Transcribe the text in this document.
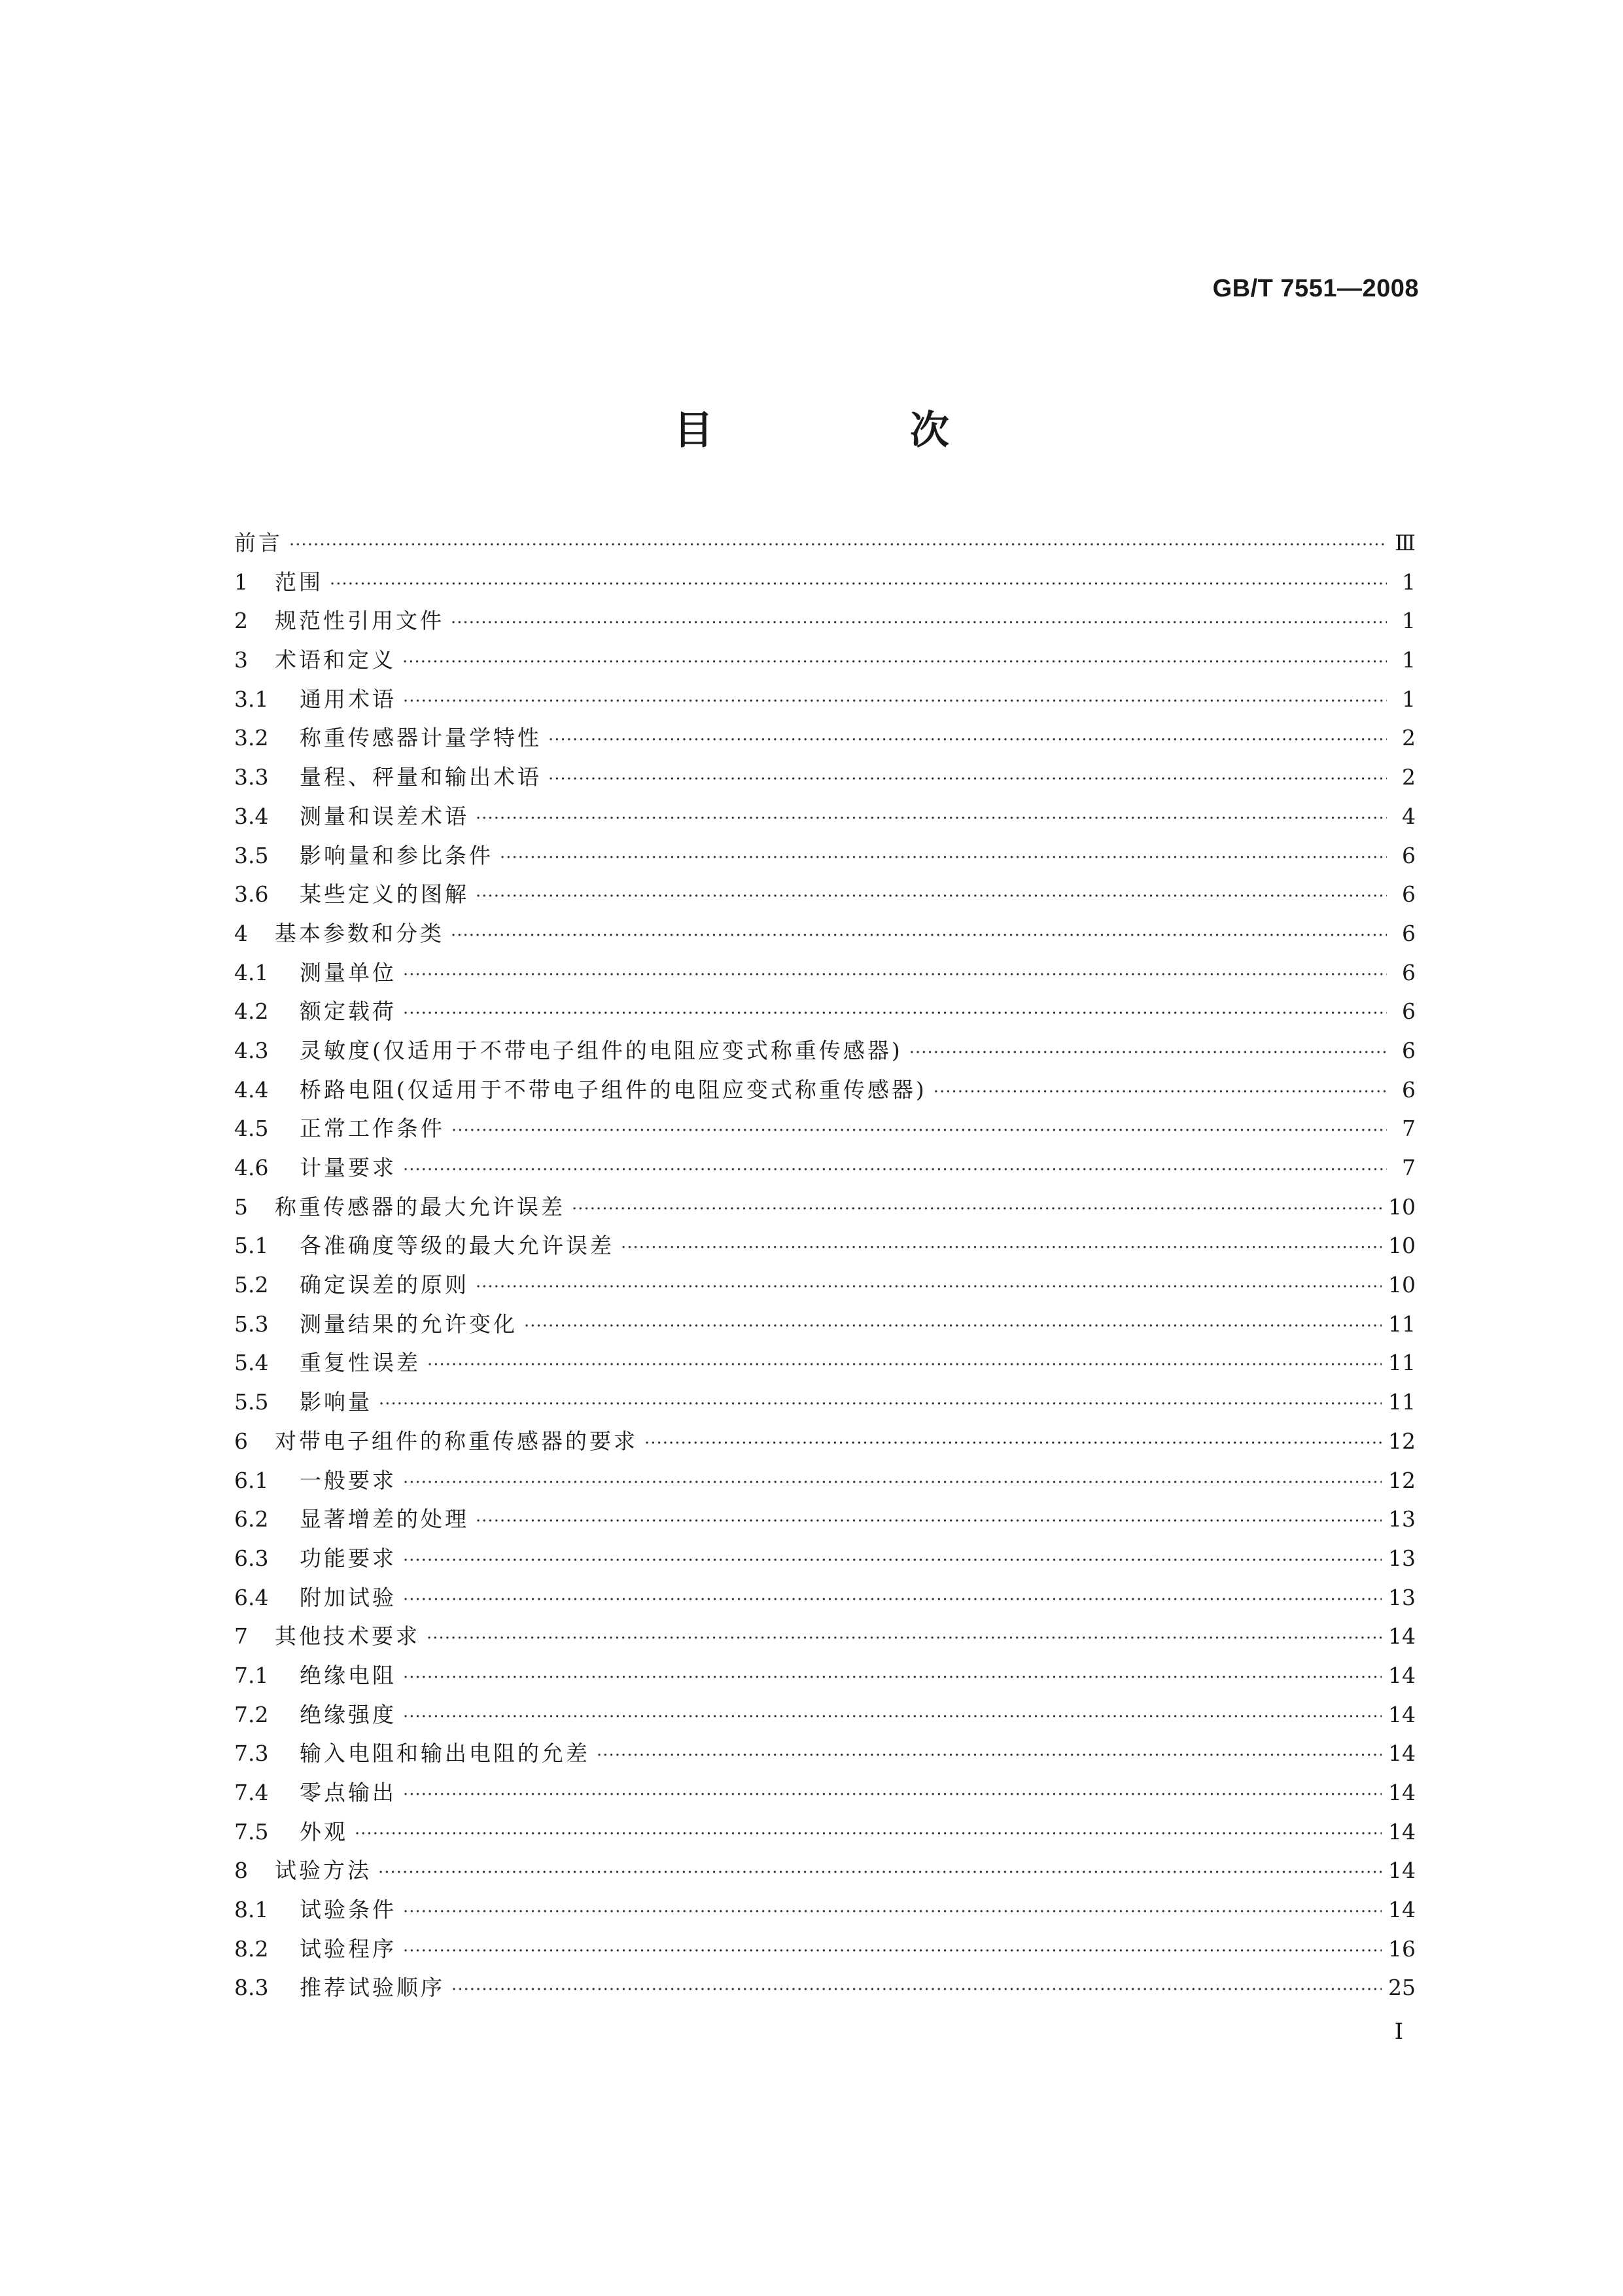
GB/T 7551—2008
目 次
前言 ·····	Ⅲ
1	范围 ·····	1
2	规范性引用文件 ·····	1
3	术语和定义 ·····	1
3.1	通用术语 ·····	1
3.2	称重传感器计量学特性 ·····	2
3.3	量程、秤量和输出术语 ·····	2
3.4	测量和误差术语 ·····	4
3.5	影响量和参比条件 ·····	6
3.6	某些定义的图解 ·····	6
4	基本参数和分类 ·····	6
4.1	测量单位 ·····	6
4.2	额定载荷 ·····	6
4.3	灵敏度(仅适用于不带电子组件的电阻应变式称重传感器) ·····	6
4.4	桥路电阻(仅适用于不带电子组件的电阻应变式称重传感器) ·····	6
4.5	正常工作条件 ·····	7
4.6	计量要求 ·····	7
5	称重传感器的最大允许误差 ·····	10
5.1	各准确度等级的最大允许误差 ·····	10
5.2	确定误差的原则 ·····	10
5.3	测量结果的允许变化 ·····	11
5.4	重复性误差 ·····	11
5.5	影响量 ·····	11
6	对带电子组件的称重传感器的要求 ·····	12
6.1	一般要求 ·····	12
6.2	显著增差的处理 ·····	13
6.3	功能要求 ·····	13
6.4	附加试验 ·····	13
7	其他技术要求 ·····	14
7.1	绝缘电阻 ·····	14
7.2	绝缘强度 ·····	14
7.3	输入电阻和输出电阻的允差 ·····	14
7.4	零点输出 ·····	14
7.5	外观 ·····	14
8	试验方法 ·····	14
8.1	试验条件 ·····	14
8.2	试验程序 ·····	16
8.3	推荐试验顺序 ·····	25
Ⅰ
